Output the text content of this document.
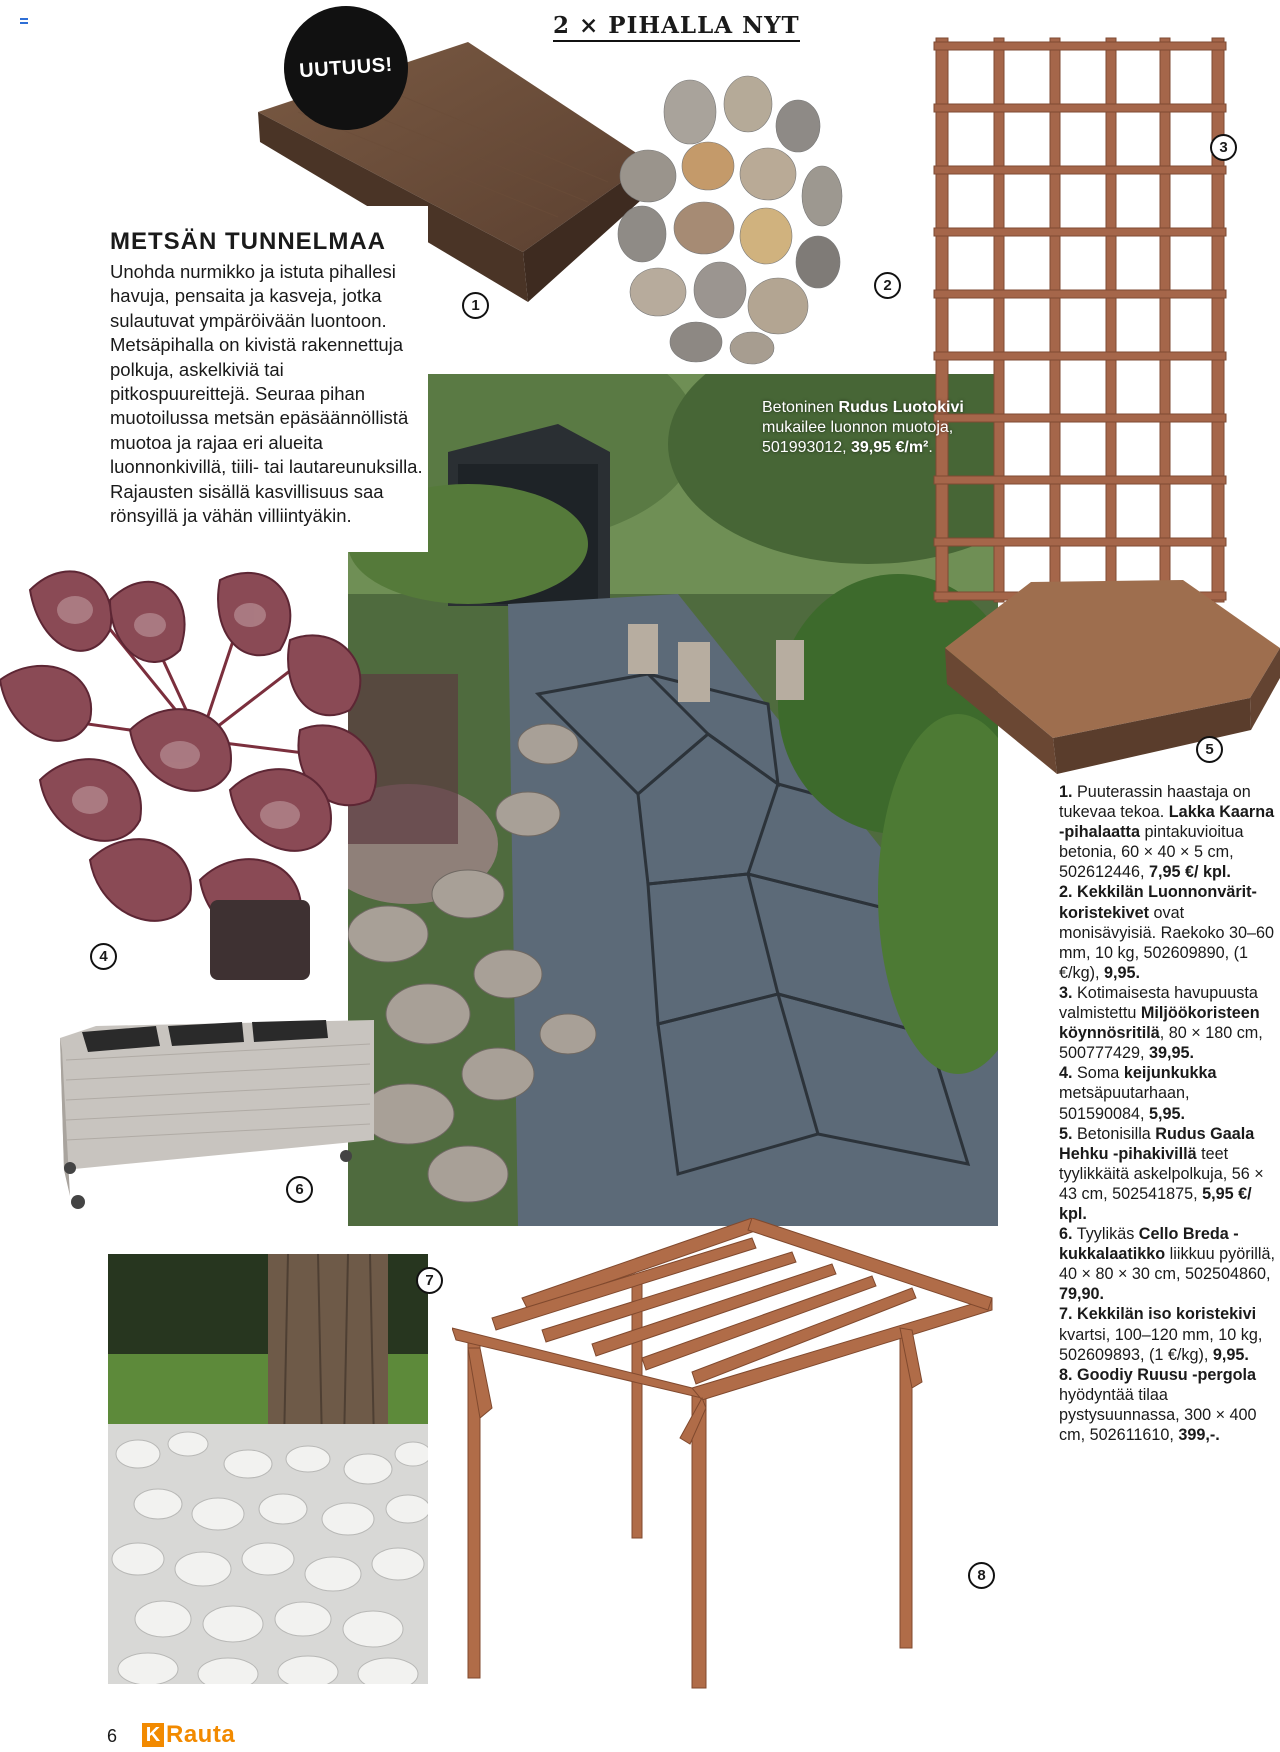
2 × PIHALLA NYT
UUTUUS!
METSÄN TUNNELMAA
Unohda nurmikko ja istuta pihallesi havuja, pensaita ja kasveja, jotka sulautuvat ympäröivään luontoon. Metsäpihalla on kivistä rakennettuja polkuja, askelkiviä tai pitkospuureittejä. Seuraa pihan muotoilussa metsän epäsäännöllistä muotoa ja rajaa eri alueita luonnonkivillä, tiili- tai lautareunuksilla. Rajausten sisällä kasvillisuus saa rönsyillä ja vähän villiintyäkin.
Betoninen Rudus Luotokivi mukailee luonnon muotoja, 501993012, 39,95 €/m².
1
2
3
4
5
6
7
8

1. Puuterassin haastaja on tukevaa tekoa. Lakka Kaarna -pihalaatta pintakuvioitua betonia, 60 × 40 × 5 cm, 502612446, 7,95 €/ kpl.

2. Kekkilän Luonnonvärit-koristekivet ovat monisävyisiä. Raekoko 30–60 mm, 10 kg, 502609890, (1 €/kg), 9,95.

3. Kotimaisesta havupuusta valmistettu Miljöökoristeen köynnösritilä, 80 × 180 cm, 500777429, 39,95.

4. Soma keijunkukka metsäpuutarhaan, 501590084, 5,95.

5. Betonisilla Rudus Gaala Hehku -pihakivillä teet tyylikkäitä askelpolkuja, 56 × 43 cm, 502541875, 5,95 €/ kpl.

6. Tyylikäs Cello Breda -kukkalaatikko liikkuu pyörillä, 40 × 80 × 30 cm, 502504860, 79,90.

7. Kekkilän iso koristekivi kvartsi, 100–120 mm, 10 kg, 502609893, (1 €/kg), 9,95.

8. Goodiy Ruusu -pergola hyödyntää tilaa pystysuunnassa, 300 × 400 cm, 502611610, 399,-.

6 K Rauta
